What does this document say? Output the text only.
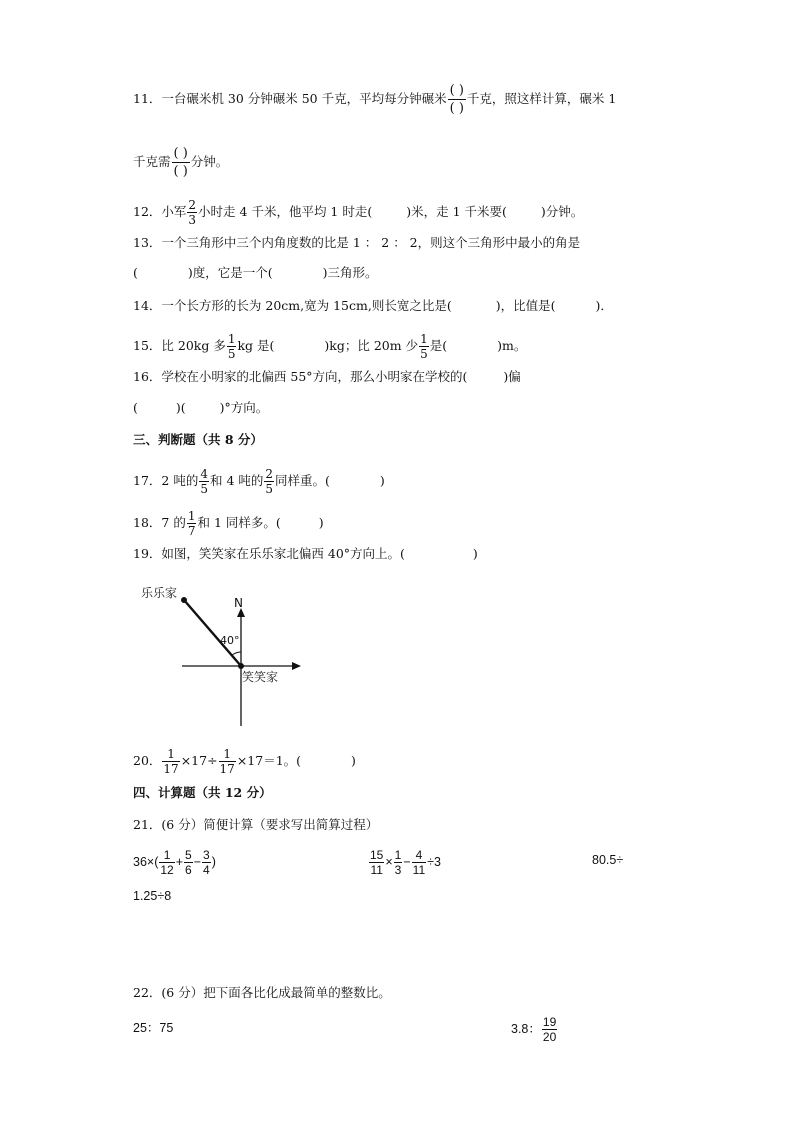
11．一台碾米机 30 分钟碾米 50 千克，平均每分钟碾米 $\frac{( )}{( )}$ 千克，照这样计算，碾米 1
千克需 $\frac{( )}{( )}$ 分钟。
12．小军 $\frac{2}{3}$ 小时走 4 千米，他平均 1 时走(	)米，走 1 千米要(	)分钟。
13．一个三角形中三个内角度数的比是 1 ： 2 ： 2，则这个三角形中最小的角是
(	)度，它是一个(	)三角形。
14．一个长方形的长为 20cm,宽为 15cm,则长宽之比是(	)，比值是(	)．
15．比 20kg 多 $\frac{1}{5}$ kg 是(	)kg；比 20m 少 $\frac{1}{5}$ 是(	)m。
16．学校在小明家的北偏西 55°方向，那么小明家在学校的(	)偏
(	)(	)°方向。
三、判断题（共 8 分）
17．2 吨的 $\frac{4}{5}$ 和 4 吨的 $\frac{2}{5}$ 同样重。(	)
18．7 的 $\frac{1}{7}$ 和 1 同样多。(	)
19．如图，笑笑家在乐乐家北偏西 40°方向上。(	)
乐乐家
N
40°
笑笑家
20． $\frac{1}{17} \times 17\div \frac{1}{17} \times 17=1$。(	)
四、计算题（共 12 分）
21．(6 分）简便计算（要求写出简算过程）
$36\times( \frac{1}{12} + \frac{5}{6} - \frac{3}{4}$ )	$\frac{15}{11} \times \frac{1}{3} - \frac{4}{11} \div 3$	80.5÷
1.25÷8
22．(6 分）把下面各比化成最简单的整数比。
25：75	3.8： $\frac{19}{20}$
